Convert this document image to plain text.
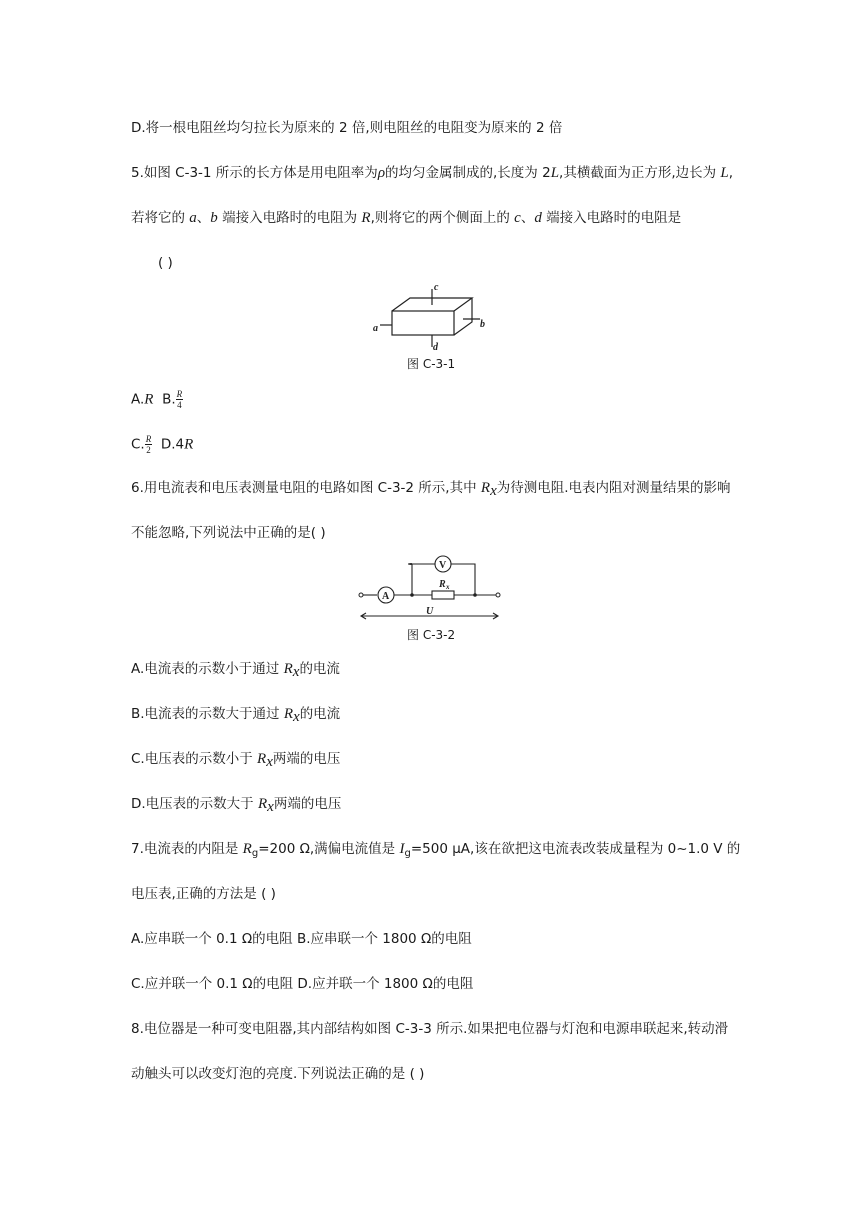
D.将一根电阻丝均匀拉长为原来的 2 倍,则电阻丝的电阻变为原来的 2 倍
5.如图 C-3-1 所示的长方体是用电阻率为ρ的均匀金属制成的,长度为 2L,其横截面为正方形,边长为 L,
若将它的 a、b 端接入电路时的电阻为 R,则将它的两个侧面上的 c、d 端接入电路时的电阻是
( )
c
d
a	b
图 C-3-1
A.R B. $\frac{R}{4}$
C. $\frac{R}{2} D.4R$
6.用电流表和电压表测量电阻的电路如图 C-3-2 所示,其中 $R_x$为待测电阻.电表内阻对测量结果的影响
不能忽略,下列说法中正确的是( )
A
V
R x
U
图 C-3-2
A.电流表的示数小于通过 $R_x$的电流
B.电流表的示数大于通过 $R_x$的电流
C.电压表的示数小于 $R_x$两端的电压
D.电压表的示数大于 $R_x$两端的电压
7.电流表的内阻是 $R_g=200$ Ω,满偏电流值是 $I_g=500$ μA,该在欲把这电流表改装成量程为 0~1.0 V 的
电压表,正确的方法是 ( )
A.应串联一个 0.1 Ω的电阻 B.应串联一个 1800 Ω的电阻
C.应并联一个 0.1 Ω的电阻 D.应并联一个 1800 Ω的电阻
8.电位器是一种可变电阻器,其内部结构如图 C-3-3 所示.如果把电位器与灯泡和电源串联起来,转动滑
动触头可以改变灯泡的亮度.下列说法正确的是 ( )
